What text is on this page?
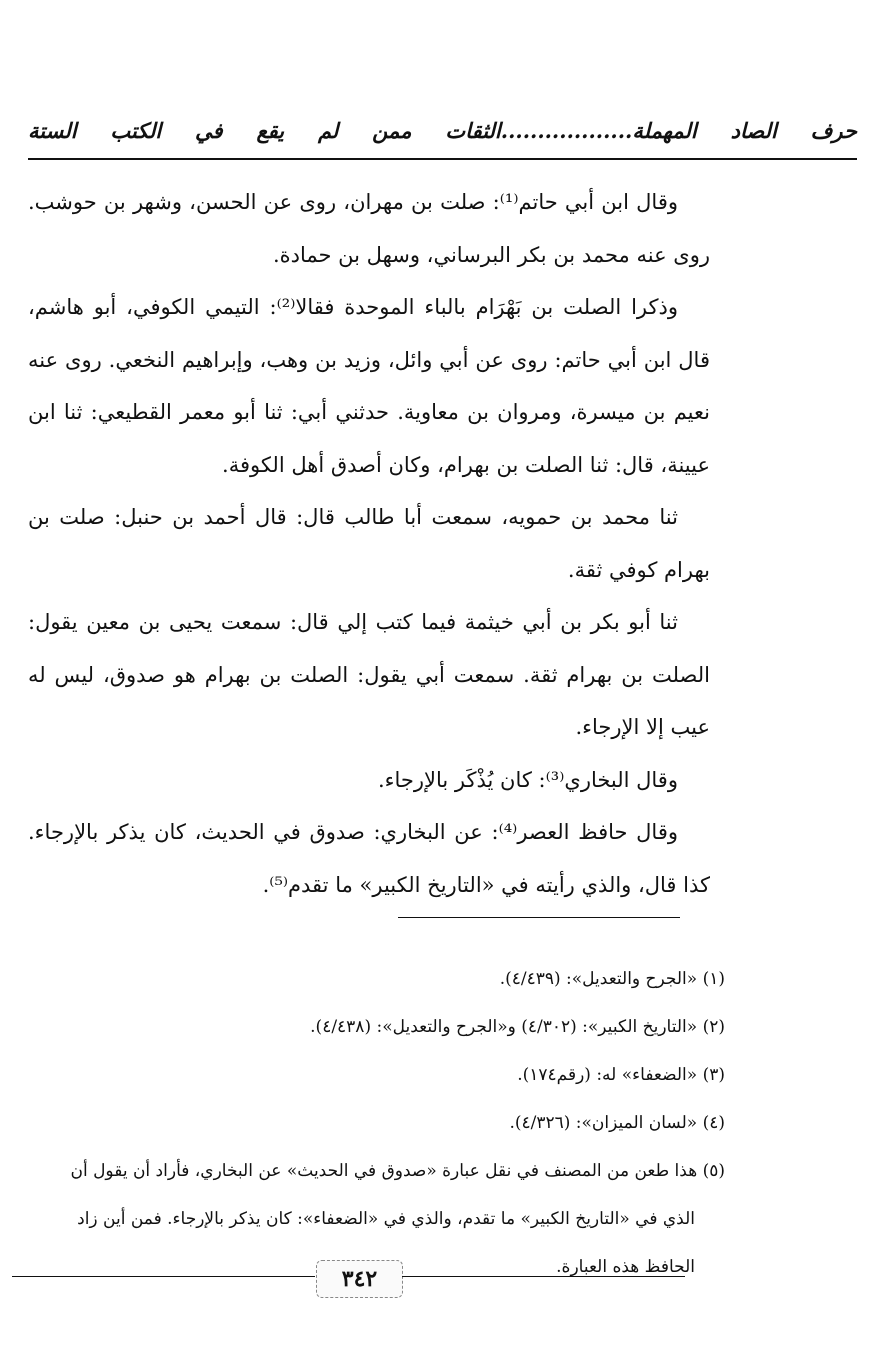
حرف الصاد المهملة..................الثقات ممن لم يقع في الكتب الستة

وقال ابن أبي حاتم⁽¹⁾: صلت بن مهران، روى عن الحسن، وشهر بن حوشب. روى عنه محمد بن بكر البرساني، وسهل بن حمادة.

وذكرا الصلت بن بَهْرَام بالباء الموحدة فقالا⁽²⁾: التيمي الكوفي، أبو هاشم، قال ابن أبي حاتم: روى عن أبي وائل، وزيد بن وهب، وإبراهيم النخعي. روى عنه نعيم بن ميسرة، ومروان بن معاوية. حدثني أبي: ثنا أبو معمر القطيعي: ثنا ابن عيينة، قال: ثنا الصلت بن بهرام، وكان أصدق أهل الكوفة.

ثنا محمد بن حمويه، سمعت أبا طالب قال: قال أحمد بن حنبل: صلت بن بهرام كوفي ثقة.

ثنا أبو بكر بن أبي خيثمة فيما كتب إلي قال: سمعت يحيى بن معين يقول: الصلت بن بهرام ثقة. سمعت أبي يقول: الصلت بن بهرام هو صدوق، ليس له عيب إلا الإرجاء.

وقال البخاري⁽³⁾: كان يُذْكَر بالإرجاء.

وقال حافظ العصر⁽⁴⁾: عن البخاري: صدوق في الحديث، كان يذكر بالإرجاء. كذا قال، والذي رأيته في «التاريخ الكبير» ما تقدم⁽⁵⁾.

(١) «الجرح والتعديل»: (٤/٤٣٩).
(٢) «التاريخ الكبير»: (٤/٣٠٢) و«الجرح والتعديل»: (٤/٤٣٨).
(٣) «الضعفاء» له: (رقم١٧٤).
(٤) «لسان الميزان»: (٤/٣٢٦).
(٥) هذا طعن من المصنف في نقل عبارة «صدوق في الحديث» عن البخاري، فأراد أن يقول أن
الذي في «التاريخ الكبير» ما تقدم، والذي في «الضعفاء»: كان يذكر بالإرجاء. فمن أين زاد
الحافظ هذه العبارة.
٣٤٢
